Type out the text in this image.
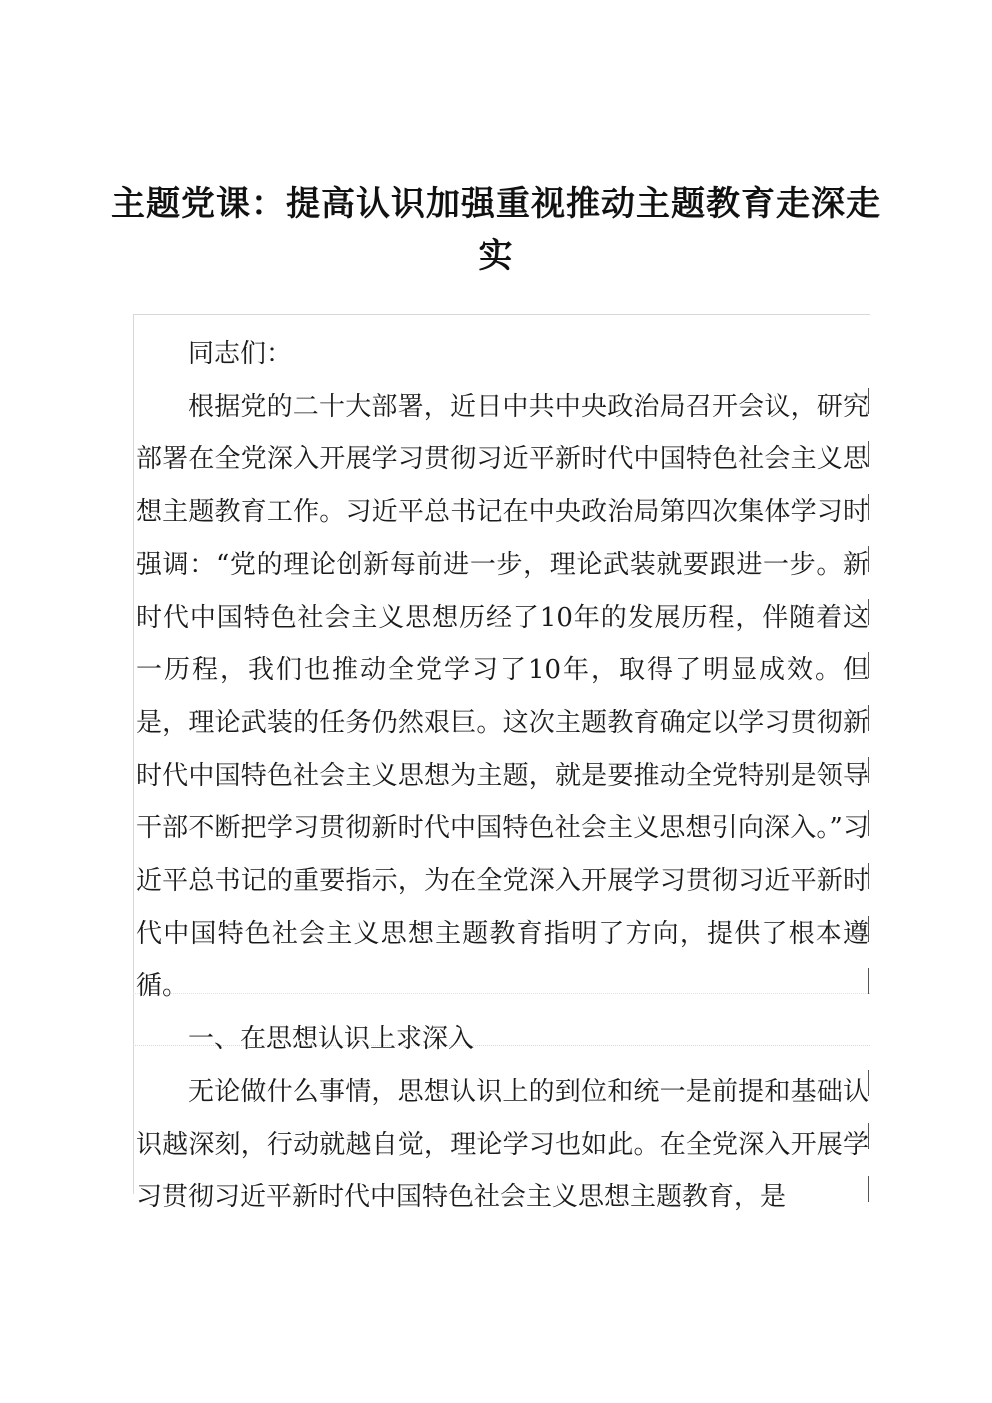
主题党课：提高认识加强重视推动主题教育走深走实

同志们：

根据党的二十大部署，近日中共中央政治局召开会议，研究部署在全党深入开展学习贯彻习近平新时代中国特色社会主义思想主题教育工作。习近平总书记在中央政治局第四次集体学习时强调：“党的理论创新每前进一步，理论武装就要跟进一步。新时代中国特色社会主义思想历经了10年的发展历程，伴随着这一历程，我们也推动全党学习了10年，取得了明显成效。但是，理论武装的任务仍然艰巨。这次主题教育确定以学习贯彻新时代中国特色社会主义思想为主题，就是要推动全党特别是领导干部不断把学习贯彻新时代中国特色社会主义思想引向深入。”习近平总书记的重要指示，为在全党深入开展学习贯彻习近平新时代中国特色社会主义思想主题教育指明了方向，提供了根本遵循。

一、在思想认识上求深入

无论做什么事情，思想认识上的到位和统一是前提和基础认识越深刻，行动就越自觉，理论学习也如此。在全党深入开展学习贯彻习近平新时代中国特色社会主义思想主题教育，是
